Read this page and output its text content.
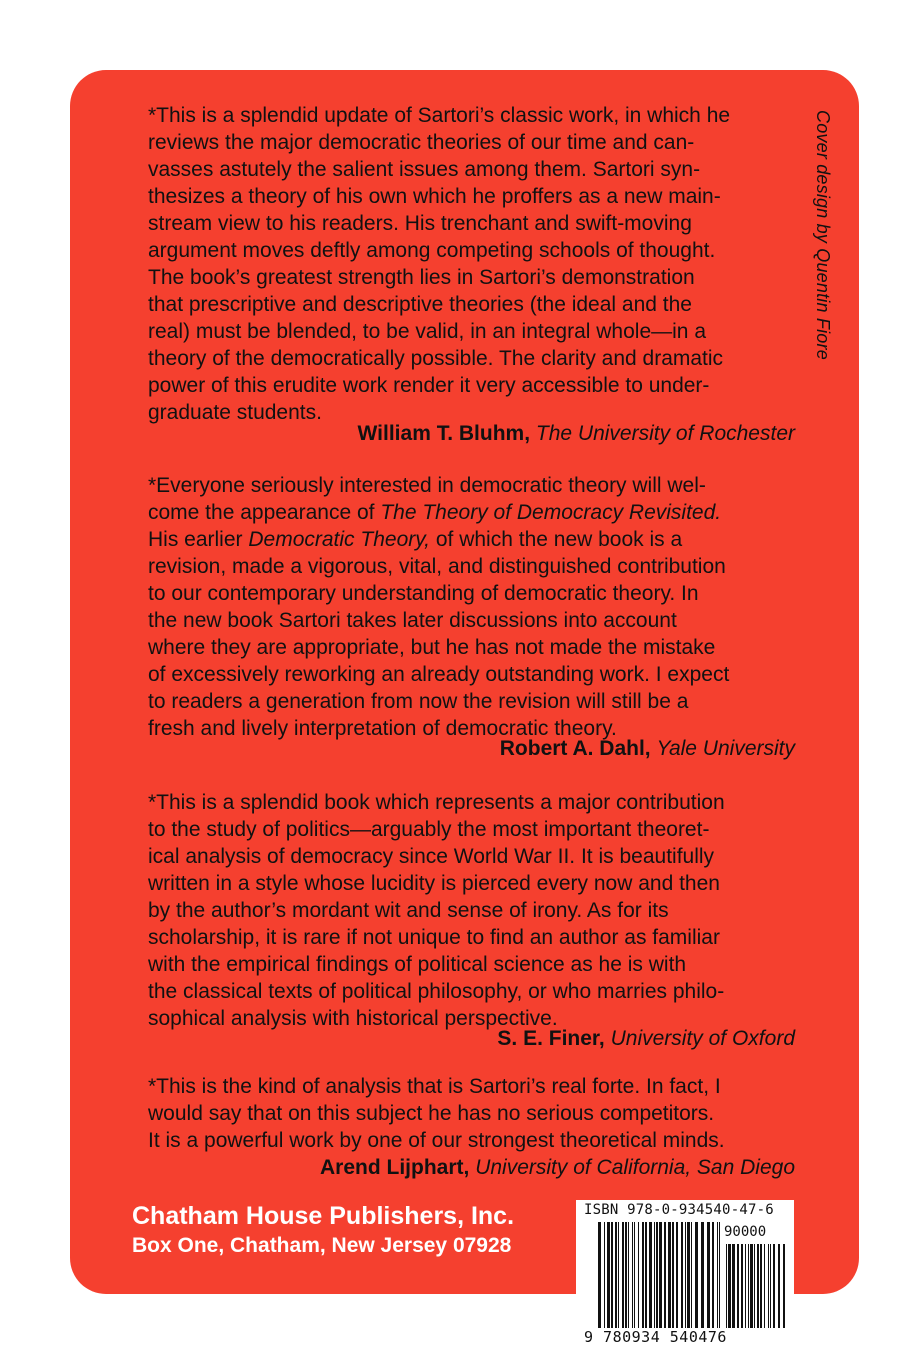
*This is a splendid update of Sartori’s classic work, in which he
reviews the major democratic theories of our time and can-
vasses astutely the salient issues among them. Sartori syn-
thesizes a theory of his own which he proffers as a new main-
stream view to his readers. His trenchant and swift-moving
argument moves deftly among competing schools of thought.
The book’s greatest strength lies in Sartori’s demonstration
that prescriptive and descriptive theories (the ideal and the
real) must be blended, to be valid, in an integral whole—in a
theory of the democratically possible. The clarity and dramatic
power of this erudite work render it very accessible to under-
graduate students.
William T. Bluhm, The University of Rochester
*Everyone seriously interested in democratic theory will wel-
come the appearance of The Theory of Democracy Revisited.
His earlier Democratic Theory, of which the new book is a
revision, made a vigorous, vital, and distinguished contribution
to our contemporary understanding of democratic theory. In
the new book Sartori takes later discussions into account
where they are appropriate, but he has not made the mistake
of excessively reworking an already outstanding work. I expect
to readers a generation from now the revision will still be a
fresh and lively interpretation of democratic theory.
Robert A. Dahl, Yale University
*This is a splendid book which represents a major contribution
to the study of politics—arguably the most important theoret-
ical analysis of democracy since World War II. It is beautifully
written in a style whose lucidity is pierced every now and then
by the author’s mordant wit and sense of irony. As for its
scholarship, it is rare if not unique to find an author as familiar
with the empirical findings of political science as he is with
the classical texts of political philosophy, or who marries philo-
sophical analysis with historical perspective.
S. E. Finer, University of Oxford
*This is the kind of analysis that is Sartori’s real forte. In fact, I
would say that on this subject he has no serious competitors.
It is a powerful work by one of our strongest theoretical minds.
Arend Lijphart, University of California, San Diego
Cover design by Quentin Fiore
Chatham House Publishers, Inc.
Box One, Chatham, New Jersey 07928
ISBN 978-0-934540-47-6
90000
9 780934 540476
